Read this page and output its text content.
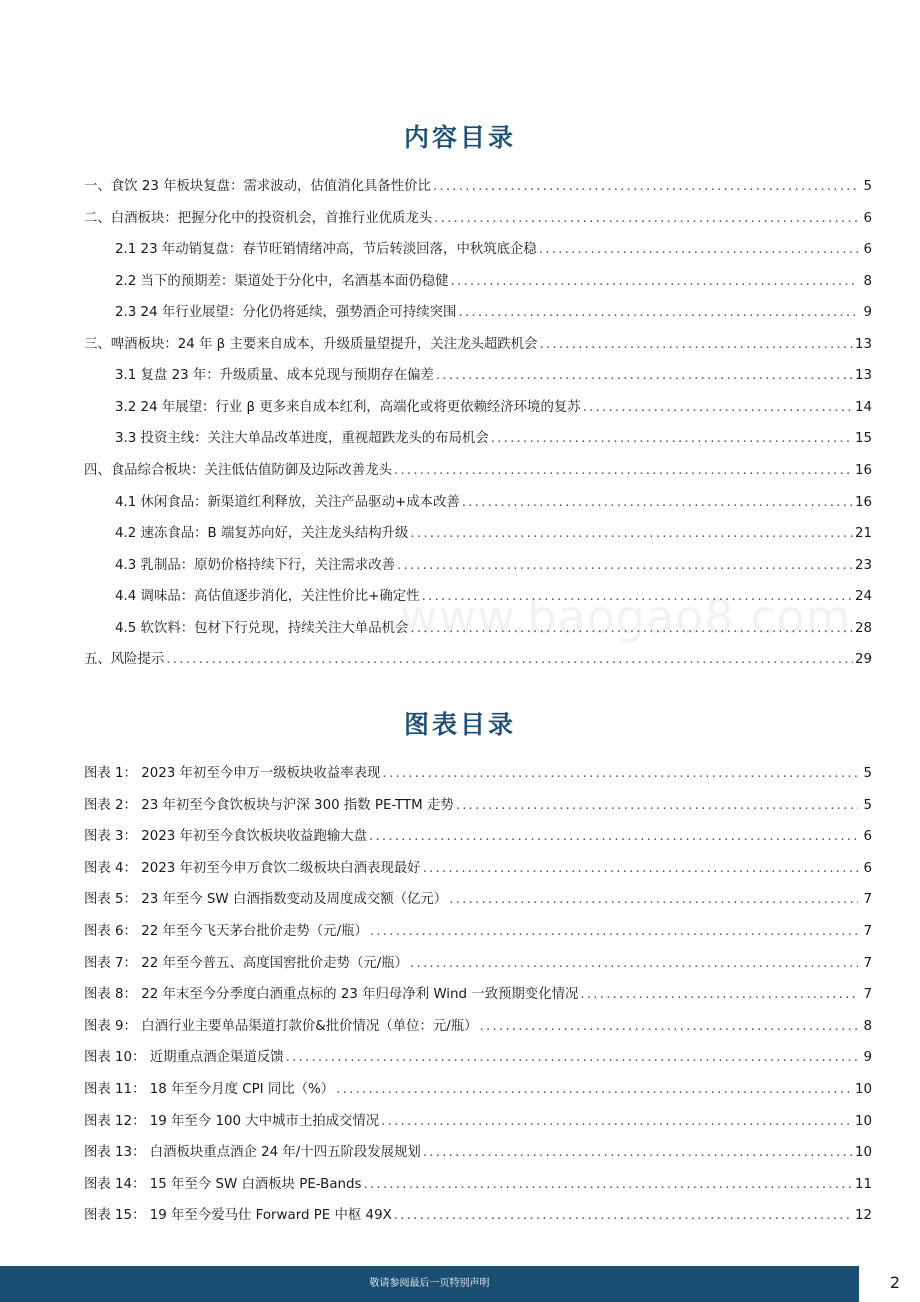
www.baogao8.com
内容目录
一、食饮 23 年板块复盘：需求波动，估值消化具备性价比 .....	5
二、白酒板块：把握分化中的投资机会，首推行业优质龙头 .....	6
2.1 23 年动销复盘：春节旺销情绪冲高，节后转淡回落，中秋筑底企稳 .....	6
2.2 当下的预期差：渠道处于分化中，名酒基本面仍稳健 .....	8
2.3 24 年行业展望：分化仍将延续，强势酒企可持续突围 .....	9
三、啤酒板块：24 年 β 主要来自成本，升级质量望提升，关注龙头超跌机会 .....	13
3.1 复盘 23 年：升级质量、成本兑现与预期存在偏差 .....	13
3.2 24 年展望：行业 β 更多来自成本红利，高端化或将更依赖经济环境的复苏 .....	14
3.3 投资主线：关注大单品改革进度，重视超跌龙头的布局机会 .....	15
四、食品综合板块：关注低估值防御及边际改善龙头 .....	16
4.1 休闲食品：新渠道红利释放，关注产品驱动+成本改善 .....	16
4.2 速冻食品：B 端复苏向好，关注龙头结构升级 .....	21
4.3 乳制品：原奶价格持续下行，关注需求改善 .....	23
4.4 调味品：高估值逐步消化，关注性价比+确定性 .....	24
4.5 软饮料：包材下行兑现，持续关注大单品机会 .....	28
五、风险提示 .....	29
图表目录
图表 1： 2023 年初至今申万一级板块收益率表现 .....	5
图表 2： 23 年初至今食饮板块与沪深 300 指数 PE-TTM 走势 .....	5
图表 3： 2023 年初至今食饮板块收益跑输大盘 .....	6
图表 4： 2023 年初至今申万食饮二级板块白酒表现最好 .....	6
图表 5： 23 年至今 SW 白酒指数变动及周度成交额（亿元） .....	7
图表 6： 22 年至今飞天茅台批价走势（元/瓶） .....	7
图表 7： 22 年至今普五、高度国窖批价走势（元/瓶） .....	7
图表 8： 22 年末至今分季度白酒重点标的 23 年归母净利 Wind 一致预期变化情况 .....	7
图表 9： 白酒行业主要单品渠道打款价&批价情况（单位：元/瓶） .....	8
图表 10： 近期重点酒企渠道反馈 .....	9
图表 11： 18 年至今月度 CPI 同比（%） .....	10
图表 12： 19 年至今 100 大中城市土拍成交情况 .....	10
图表 13： 白酒板块重点酒企 24 年/十四五阶段发展规划 .....	10
图表 14： 15 年至今 SW 白酒板块 PE-Bands .....	11
图表 15： 19 年至今爱马仕 Forward PE 中枢 49X .....	12
敬请参阅最后一页特别声明	2
